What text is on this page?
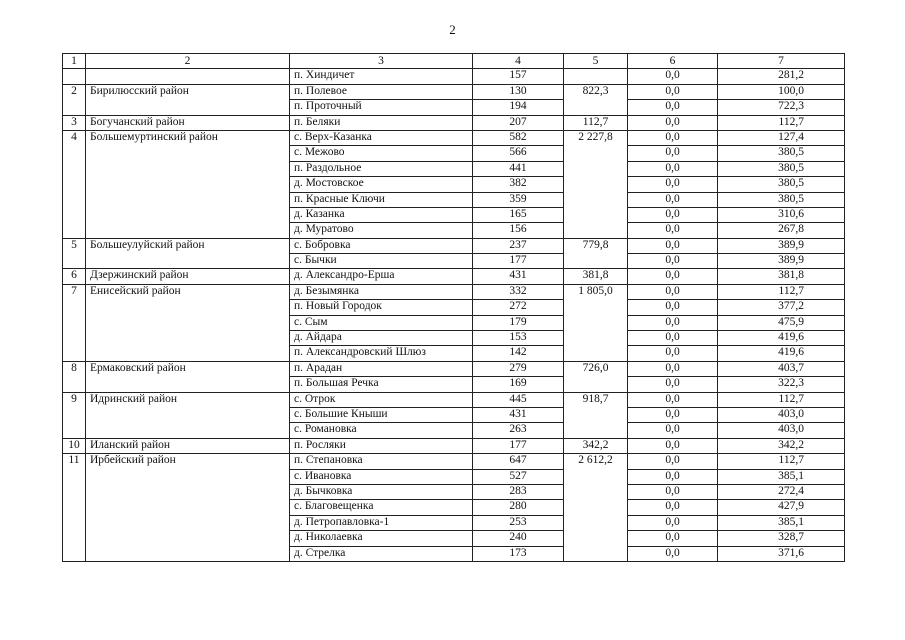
2
1	2	3	4	5	6	7
		п. Хиндичет	157		0,0	281,2
2	Бирилюсский район	п. Полевое	130	822,3	0,0	100,0
		п. Проточный	194		0,0	722,3
3	Богучанский район	п. Беляки	207	112,7	0,0	112,7
4	Большемуртинский район	с. Верх-Казанка	582	2 227,8	0,0	127,4
		с. Межово	566		0,0	380,5
		п. Раздольное	441		0,0	380,5
		д. Мостовское	382		0,0	380,5
		п. Красные Ключи	359		0,0	380,5
		д. Казанка	165		0,0	310,6
		д. Муратово	156		0,0	267,8
5	Большеулуйский район	с. Бобровка	237	779,8	0,0	389,9
		с. Бычки	177		0,0	389,9
6	Дзержинский район	д. Александро-Ерша	431	381,8	0,0	381,8
7	Енисейский район	д. Безымянка	332	1 805,0	0,0	112,7
		п. Новый Городок	272		0,0	377,2
		с. Сым	179		0,0	475,9
		д. Айдара	153		0,0	419,6
		п. Александровский Шлюз	142		0,0	419,6
8	Ермаковский район	п. Арадан	279	726,0	0,0	403,7
		п. Большая Речка	169		0,0	322,3
9	Идринский район	с. Отрок	445	918,7	0,0	112,7
		с. Большие Кныши	431		0,0	403,0
		с. Романовка	263		0,0	403,0
10	Иланский район	п. Росляки	177	342,2	0,0	342,2
11	Ирбейский район	п. Степановка	647	2 612,2	0,0	112,7
		с. Ивановка	527		0,0	385,1
		д. Бычковка	283		0,0	272,4
		с. Благовещенка	280		0,0	427,9
		д. Петропавловка-1	253		0,0	385,1
		д. Николаевка	240		0,0	328,7
		д. Стрелка	173		0,0	371,6
